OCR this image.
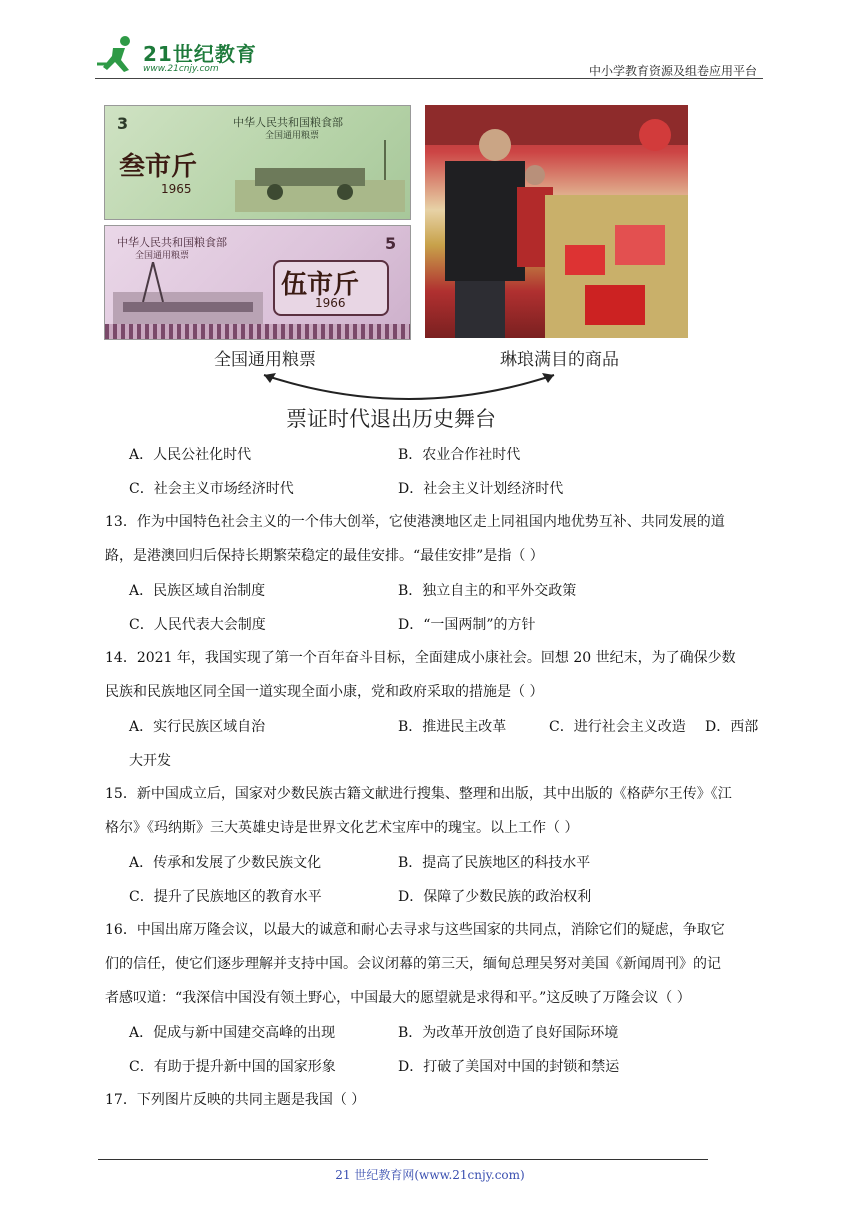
21世纪教育
www.21cnjy.com	中小学教育资源及组卷应用平台
3	中华人民共和国粮食部
全国通用粮票
叁市斤
1965
中华人民共和国粮食部
全国通用粮票
5
伍市斤
1966
全国通用粮票	琳琅满目的商品
票证时代退出历史舞台
A．人民公社化时代	B．农业合作社时代
C．社会主义市场经济时代	D．社会主义计划经济时代
13．作为中国特色社会主义的一个伟大创举，它使港澳地区走上同祖国内地优势互补、共同发展的道
路，是港澳回归后保持长期繁荣稳定的最佳安排。“最佳安排”是指（ ）
A．民族区域自治制度	B．独立自主的和平外交政策
C．人民代表大会制度	D．“一国两制”的方针
14．2021 年，我国实现了第一个百年奋斗目标，全面建成小康社会。回想 20 世纪末，为了确保少数
民族和民族地区同全国一道实现全面小康，党和政府采取的措施是（ ）
A．实行民族区域自治	B．推进民主改革	C．进行社会主义改造 D．西部
大开发
15．新中国成立后，国家对少数民族古籍文献进行搜集、整理和出版，其中出版的《格萨尔王传》《江
格尔》《玛纳斯》三大英雄史诗是世界文化艺术宝库中的瑰宝。以上工作（ ）
A．传承和发展了少数民族文化	B．提高了民族地区的科技水平
C．提升了民族地区的教育水平	D．保障了少数民族的政治权利
16．中国出席万隆会议，以最大的诚意和耐心去寻求与这些国家的共同点，消除它们的疑虑，争取它
们的信任，使它们逐步理解并支持中国。会议闭幕的第三天，缅甸总理吴努对美国《新闻周刊》的记
者感叹道：“我深信中国没有领土野心，中国最大的愿望就是求得和平。”这反映了万隆会议（ ）
A．促成与新中国建交高峰的出现	B．为改革开放创造了良好国际环境
C．有助于提升新中国的国家形象	D．打破了美国对中国的封锁和禁运
17．下列图片反映的共同主题是我国（ ）
21 世纪教育网(www.21cnjy.com)
